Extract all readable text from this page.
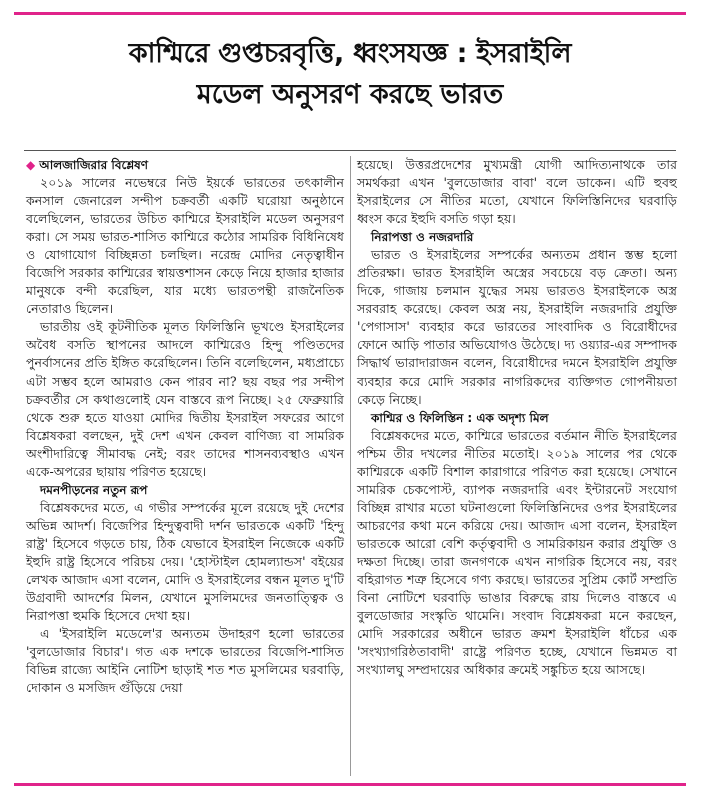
কাশ্মিরে গুপ্তচরবৃত্তি, ধ্বংসযজ্ঞ : ইসরাইলি
মডেল অনুসরণ করছে ভারত
◆ আলজাজিরার বিশ্লেষণ

২০১৯ সালের নভেম্বরে নিউ ইয়র্কে ভারতের তৎকালীন কনসাল জেনারেল সন্দীপ চক্রবর্তী একটি ঘরোয়া অনুষ্ঠানে বলেছিলেন, ভারতের উচিত কাশ্মিরে ইসরাইলি মডেল অনুসরণ করা। সে সময় ভারত-শাসিত কাশ্মিরে কঠোর সামরিক বিধিনিষেধ ও যোগাযোগ বিচ্ছিন্নতা চলছিল। নরেন্দ্র মোদির নেতৃত্বাধীন বিজেপি সরকার কাশ্মিরের স্বায়ত্তশাসন কেড়ে নিয়ে হাজার হাজার মানুষকে বন্দী করেছিল, যার মধ্যে ভারতপন্থী রাজনৈতিক নেতারাও ছিলেন।

ভারতীয় ওই কূটনীতিক মূলত ফিলিস্তিনি ভূখণ্ডে ইসরাইলের অবৈধ বসতি স্থাপনের আদলে কাশ্মিরেও হিন্দু পণ্ডিতদের পুনর্বাসনের প্রতি ইঙ্গিত করেছিলেন। তিনি বলেছিলেন, মধ্যপ্রাচ্যে এটা সম্ভব হলে আমরাও কেন পারব না? ছয় বছর পর সন্দীপ চক্রবর্তীর সে কথাগুলোই যেন বাস্তবে রূপ নিচ্ছে। ২৫ ফেব্রুয়ারি থেকে শুরু হতে যাওয়া মোদির দ্বিতীয় ইসরাইল সফরের আগে বিশ্লেষকরা বলছেন, দুই দেশ এখন কেবল বাণিজ্য বা সামরিক অংশীদারিত্বে সীমাবদ্ধ নেই; বরং তাদের শাসনব্যবস্থাও এখন একে-অপরের ছায়ায় পরিণত হয়েছে।

দমনপীড়নের নতুন রূপ

বিশ্লেষকদের মতে, এ গভীর সম্পর্কের মূলে রয়েছে দুই দেশের অভিন্ন আদর্শ। বিজেপির হিন্দুত্ববাদী দর্শন ভারতকে একটি 'হিন্দু রাষ্ট্র' হিসেবে গড়তে চায়, ঠিক যেভাবে ইসরাইল নিজেকে একটি ইহুদি রাষ্ট্র হিসেবে পরিচয় দেয়। 'হোস্টাইল হোমল্যান্ডস' বইয়ের লেখক আজাদ এসা বলেন, মোদি ও ইসরাইলের বন্ধন মূলত দু'টি উগ্রবাদী আদর্শের মিলন, যেখানে মুসলিমদের জনতাত্ত্বিক ও নিরাপত্তা হুমকি হিসেবে দেখা হয়।

এ 'ইসরাইলি মডেলে'র অন্যতম উদাহরণ হলো ভারতের 'বুলডোজার বিচার'। গত এক দশকে ভারতের বিজেপি-শাসিত বিভিন্ন রাজ্যে আইনি নোটিশ ছাড়াই শত শত মুসলিমের ঘরবাড়ি, দোকান ও মসজিদ গুঁড়িয়ে দেয়া

হয়েছে। উত্তরপ্রদেশের মুখ্যমন্ত্রী যোগী আদিত্যনাথকে তার সমর্থকরা এখন 'বুলডোজার বাবা' বলে ডাকেন। এটি হুবহু ইসরাইলের সে নীতির মতো, যেখানে ফিলিস্তিনিদের ঘরবাড়ি ধ্বংস করে ইহুদি বসতি গড়া হয়।

নিরাপত্তা ও নজরদারি

ভারত ও ইসরাইলের সম্পর্কের অন্যতম প্রধান স্তম্ভ হলো প্রতিরক্ষা। ভারত ইসরাইলি অস্ত্রের সবচেয়ে বড় ক্রেতা। অন্য দিকে, গাজায় চলমান যুদ্ধের সময় ভারতও ইসরাইলকে অস্ত্র সরবরাহ করেছে। কেবল অস্ত্র নয়, ইসরাইলি নজরদারি প্রযুক্তি 'পেগাসাস' ব্যবহার করে ভারতের সাংবাদিক ও বিরোধীদের ফোনে আড়ি পাতার অভিযোগও উঠেছে। দ্য ওয়্যার-এর সম্পাদক সিদ্ধার্থ ভারাদারাজন বলেন, বিরোধীদের দমনে ইসরাইলি প্রযুক্তি ব্যবহার করে মোদি সরকার নাগরিকদের ব্যক্তিগত গোপনীয়তা কেড়ে নিচ্ছে।

কাশ্মির ও ফিলিস্তিন : এক অদৃশ্য মিল

বিশ্লেষকদের মতে, কাশ্মিরে ভারতের বর্তমান নীতি ইসরাইলের পশ্চিম তীর দখলের নীতির মতোই। ২০১৯ সালের পর থেকে কাশ্মিরকে একটি বিশাল কারাগারে পরিণত করা হয়েছে। সেখানে সামরিক চেকপোস্ট, ব্যাপক নজরদারি এবং ইন্টারনেট সংযোগ বিচ্ছিন্ন রাখার মতো ঘটনাগুলো ফিলিস্তিনিদের ওপর ইসরাইলের আচরণের কথা মনে করিয়ে দেয়। আজাদ এসা বলেন, ইসরাইল ভারতকে আরো বেশি কর্তৃত্ববাদী ও সামরিকায়ন করার প্রযুক্তি ও দক্ষতা দিচ্ছে। তারা জনগণকে এখন নাগরিক হিসেবে নয়, বরং বহিরাগত শত্রু হিসেবে গণ্য করছে। ভারতের সুপ্রিম কোর্ট সম্প্রতি বিনা নোটিশে ঘরবাড়ি ভাঙার বিরুদ্ধে রায় দিলেও বাস্তবে এ বুলডোজার সংস্কৃতি থামেনি। সংবাদ বিশ্লেষকরা মনে করছেন, মোদি সরকারের অধীনে ভারত ক্রমশ ইসরাইলি ধাঁচের এক 'সংখ্যাগরিষ্ঠতাবাদী' রাষ্ট্রে পরিণত হচ্ছে, যেখানে ভিন্নমত বা সংখ্যালঘু সম্প্রদায়ের অধিকার ক্রমেই সঙ্কুচিত হয়ে আসছে।
